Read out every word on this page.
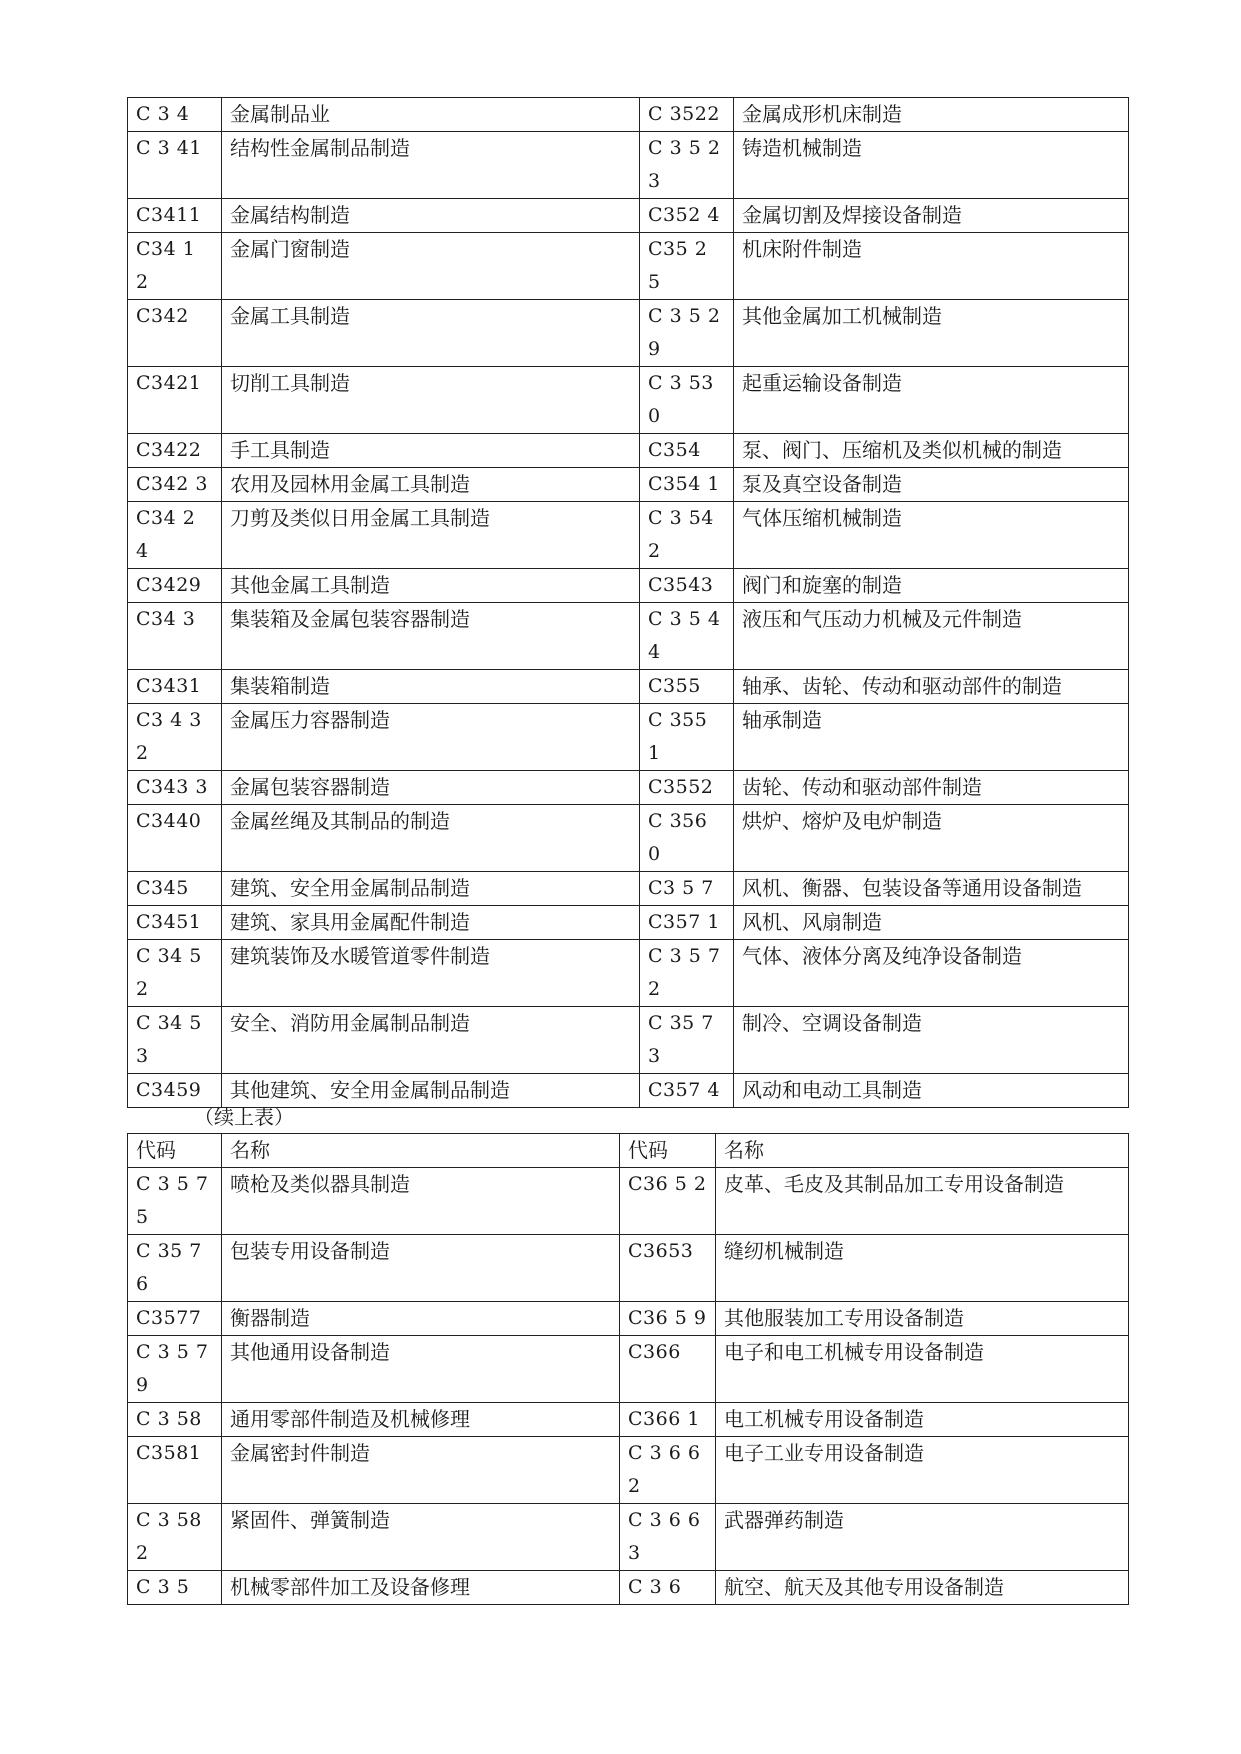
C 3 4	金属制品业	C 3522	金属成形机床制造
C 3 41	结构性金属制品制造	C 3 5 2 3	铸造机械制造
C3411	金属结构制造	C352 4	金属切割及焊接设备制造
C34 1 2	金属门窗制造	C35 2 5	机床附件制造
C342	金属工具制造	C 3 5 2 9	其他金属加工机械制造
C3421	切削工具制造	C 3 530	起重运输设备制造
C3422	手工具制造	C354	泵、阀门、压缩机及类似机械的制造
C342 3	农用及园林用金属工具制造	C354 1	泵及真空设备制造
C34 2 4	刀剪及类似日用金属工具制造	C 3 542	气体压缩机械制造
C3429	其他金属工具制造	C3543	阀门和旋塞的制造
C34 3	集装箱及金属包装容器制造	C 3 5 44	液压和气压动力机械及元件制造
C3431	集装箱制造	C355	轴承、齿轮、传动和驱动部件的制造
C3 4 3 2	金属压力容器制造	C 355 1	轴承制造
C343 3	金属包装容器制造	C3552	齿轮、传动和驱动部件制造
C3440	金属丝绳及其制品的制造	C 356 0	烘炉、熔炉及电炉制造
C345	建筑、安全用金属制品制造	C3 5 7	风机、衡器、包装设备等通用设备制造
C3451	建筑、家具用金属配件制造	C357 1	风机、风扇制造
C 34 5 2	建筑装饰及水暖管道零件制造	C 3 5 7 2	气体、液体分离及纯净设备制造
C 34 5 3	安全、消防用金属制品制造	C 35 7 3	制冷、空调设备制造
C3459	其他建筑、安全用金属制品制造	C357 4	风动和电动工具制造
（续上表）
代码	名称	代码	名称
C 3 5 7 5	喷枪及类似器具制造	C36 5 2	皮革、毛皮及其制品加工专用设备制造
C 35 7 6	包装专用设备制造	C3653	缝纫机械制造
C3577	衡器制造	C36 5 9	其他服装加工专用设备制造
C 3 5 7 9	其他通用设备制造	C366	电子和电工机械专用设备制造
C 3 58	通用零部件制造及机械修理	C366 1	电工机械专用设备制造
C3581	金属密封件制造	C 3 6 6 2	电子工业专用设备制造
C 3 582	紧固件、弹簧制造	C 3 6 6 3	武器弹药制造
C 3 5	机械零部件加工及设备修理	C 3 6	航空、航天及其他专用设备制造
